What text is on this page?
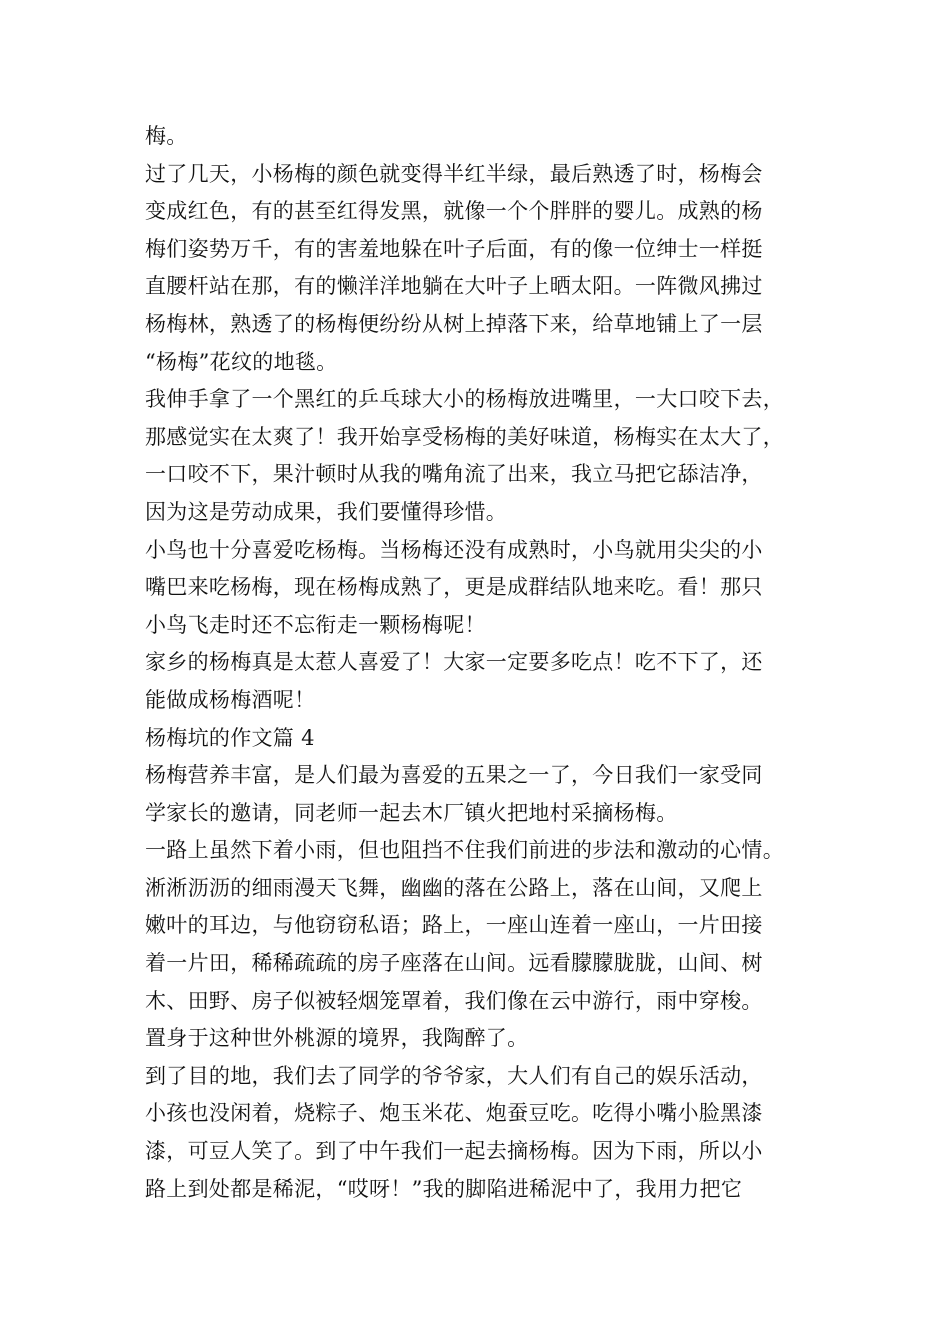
梅。
过了几天，小杨梅的颜色就变得半红半绿，最后熟透了时，杨梅会
变成红色，有的甚至红得发黑，就像一个个胖胖的婴儿。成熟的杨
梅们姿势万千，有的害羞地躲在叶子后面，有的像一位绅士一样挺
直腰杆站在那，有的懒洋洋地躺在大叶子上晒太阳。一阵微风拂过
杨梅林，熟透了的杨梅便纷纷从树上掉落下来，给草地铺上了一层
“杨梅”花纹的地毯。
我伸手拿了一个黑红的乒乓球大小的杨梅放进嘴里，一大口咬下去，
那感觉实在太爽了！我开始享受杨梅的美好味道，杨梅实在太大了，
一口咬不下，果汁顿时从我的嘴角流了出来，我立马把它舔洁净，
因为这是劳动成果，我们要懂得珍惜。
小鸟也十分喜爱吃杨梅。当杨梅还没有成熟时，小鸟就用尖尖的小
嘴巴来吃杨梅，现在杨梅成熟了，更是成群结队地来吃。看！那只
小鸟飞走时还不忘衔走一颗杨梅呢！
家乡的杨梅真是太惹人喜爱了！大家一定要多吃点！吃不下了，还
能做成杨梅酒呢！
杨梅坑的作文篇 4
杨梅营养丰富，是人们最为喜爱的五果之一了，今日我们一家受同
学家长的邀请，同老师一起去木厂镇火把地村采摘杨梅。
一路上虽然下着小雨，但也阻挡不住我们前进的步法和激动的心情。
淅淅沥沥的细雨漫天飞舞，幽幽的落在公路上，落在山间，又爬上
嫩叶的耳边，与他窃窃私语；路上，一座山连着一座山，一片田接
着一片田，稀稀疏疏的房子座落在山间。远看朦朦胧胧，山间、树
木、田野、房子似被轻烟笼罩着，我们像在云中游行，雨中穿梭。
置身于这种世外桃源的境界，我陶醉了。
到了目的地，我们去了同学的爷爷家，大人们有自己的娱乐活动，
小孩也没闲着，烧粽子、炮玉米花、炮蚕豆吃。吃得小嘴小脸黑漆
漆，可豆人笑了。到了中午我们一起去摘杨梅。因为下雨，所以小
路上到处都是稀泥，“哎呀！”我的脚陷进稀泥中了，我用力把它
